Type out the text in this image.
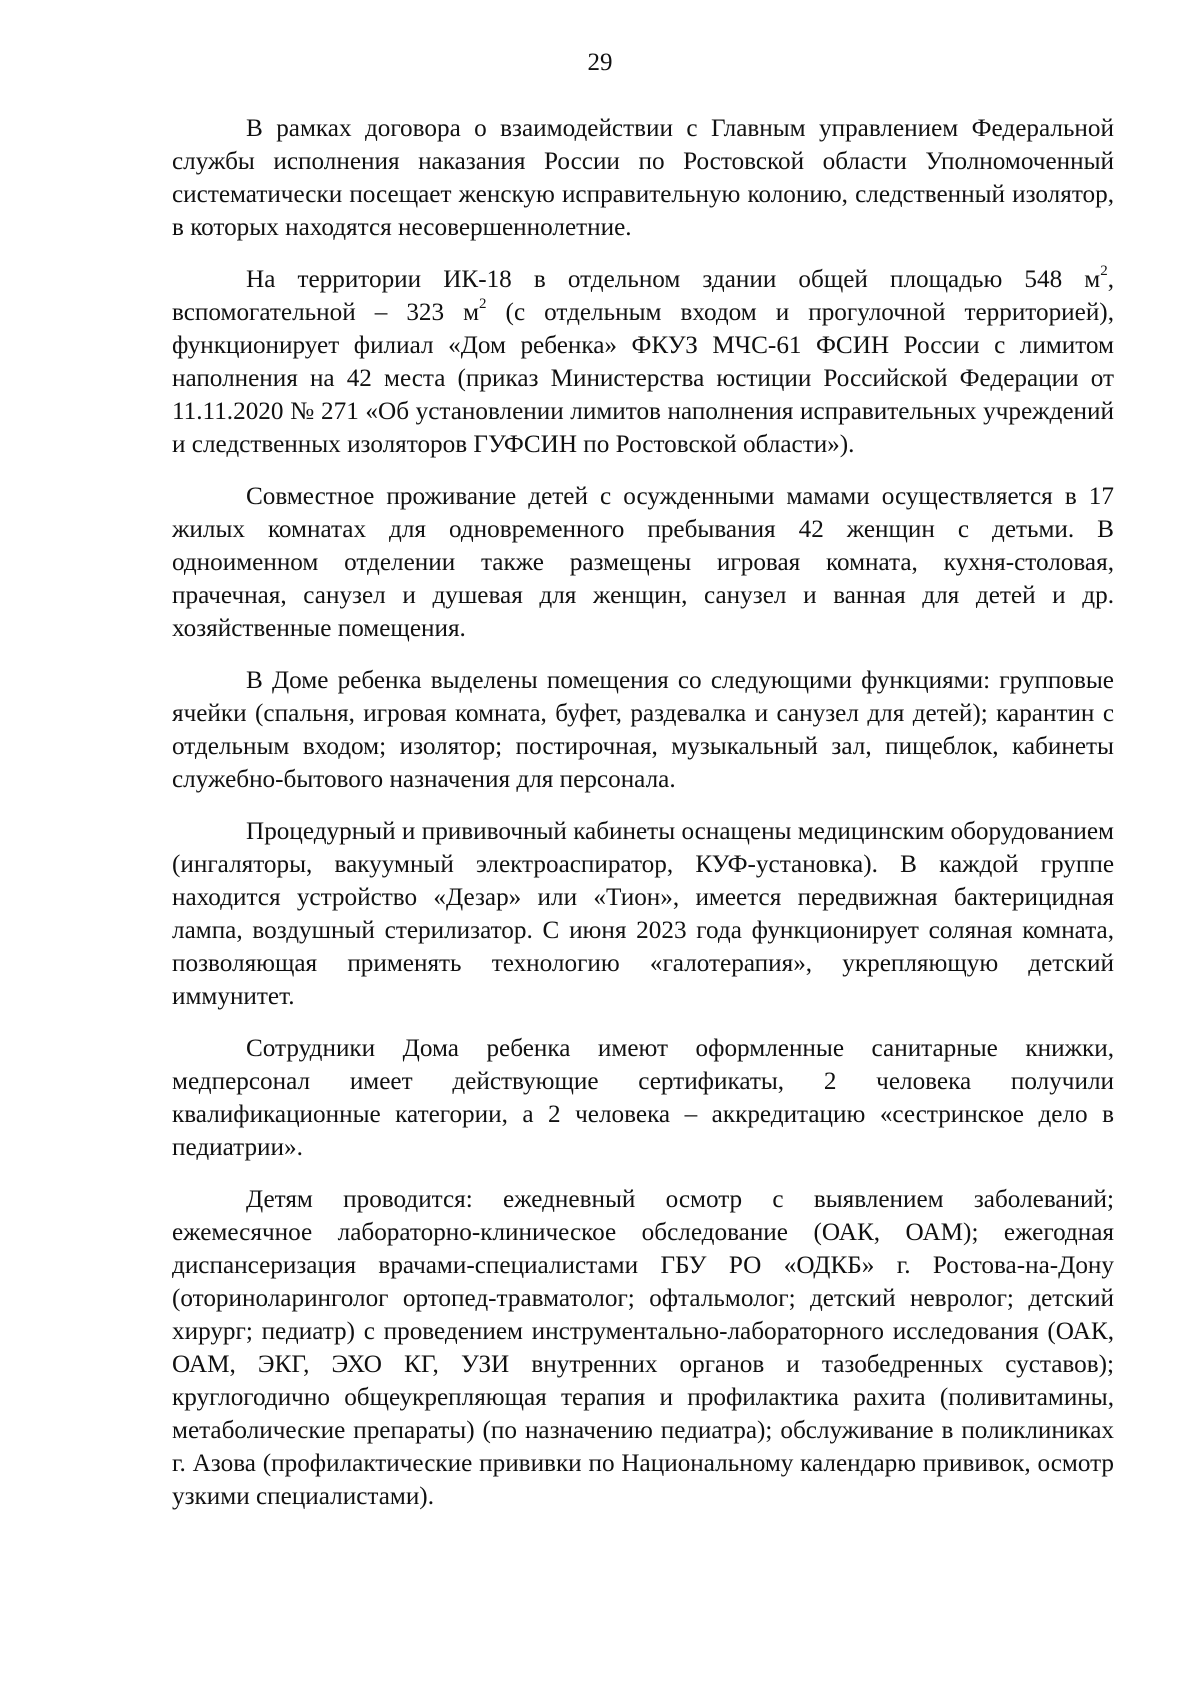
29

В рамках договора о взаимодействии с Главным управлением Федеральной службы исполнения наказания России по Ростовской области Уполномоченный систематически посещает женскую исправительную колонию, следственный изолятор, в которых находятся несовершеннолетние.

На территории ИК-18 в отдельном здании общей площадью 548 $м^2$, вспомогательной – 323 $м^2$ (с отдельным входом и прогулочной территорией), функционирует филиал «Дом ребенка» ФКУЗ МЧС-61 ФСИН России с лимитом наполнения на 42 места (приказ Министерства юстиции Российской Федерации от 11.11.2020 № 271 «Об установлении лимитов наполнения исправительных учреждений и следственных изоляторов ГУФСИН по Ростовской области»).

Совместное проживание детей с осужденными мамами осуществляется в 17 жилых комнатах для одновременного пребывания 42 женщин с детьми. В одноименном отделении также размещены игровая комната, кухня-столовая, прачечная, санузел и душевая для женщин, санузел и ванная для детей и др. хозяйственные помещения.

В Доме ребенка выделены помещения со следующими функциями: групповые ячейки (спальня, игровая комната, буфет, раздевалка и санузел для детей); карантин с отдельным входом; изолятор; постирочная, музыкальный зал, пищеблок, кабинеты служебно-бытового назначения для персонала.

Процедурный и прививочный кабинеты оснащены медицинским оборудованием (ингаляторы, вакуумный электроаспиратор, КУФ-установка). В каждой группе находится устройство «Дезар» или «Тион», имеется передвижная бактерицидная лампа, воздушный стерилизатор. С июня 2023 года функционирует соляная комната, позволяющая применять технологию «галотерапия», укрепляющую детский иммунитет.

Сотрудники Дома ребенка имеют оформленные санитарные книжки, медперсонал имеет действующие сертификаты, 2 человека получили квалификационные категории, а 2 человека – аккредитацию «сестринское дело в педиатрии».

Детям проводится: ежедневный осмотр с выявлением заболеваний; ежемесячное лабораторно-клиническое обследование (ОАК, ОАМ); ежегодная диспансеризация врачами-специалистами ГБУ РО «ОДКБ» г. Ростова-на-Дону (оториноларинголог ортопед-травматолог; офтальмолог; детский невролог; детский хирург; педиатр) с проведением инструментально-лабораторного исследования (ОАК, ОАМ, ЭКГ, ЭХО КГ, УЗИ внутренних органов и тазобедренных суставов); круглогодично общеукрепляющая терапия и профилактика рахита (поливитамины, метаболические препараты) (по назначению педиатра); обслуживание в поликлиниках г. Азова (профилактические прививки по Национальному календарю прививок, осмотр узкими специалистами).
